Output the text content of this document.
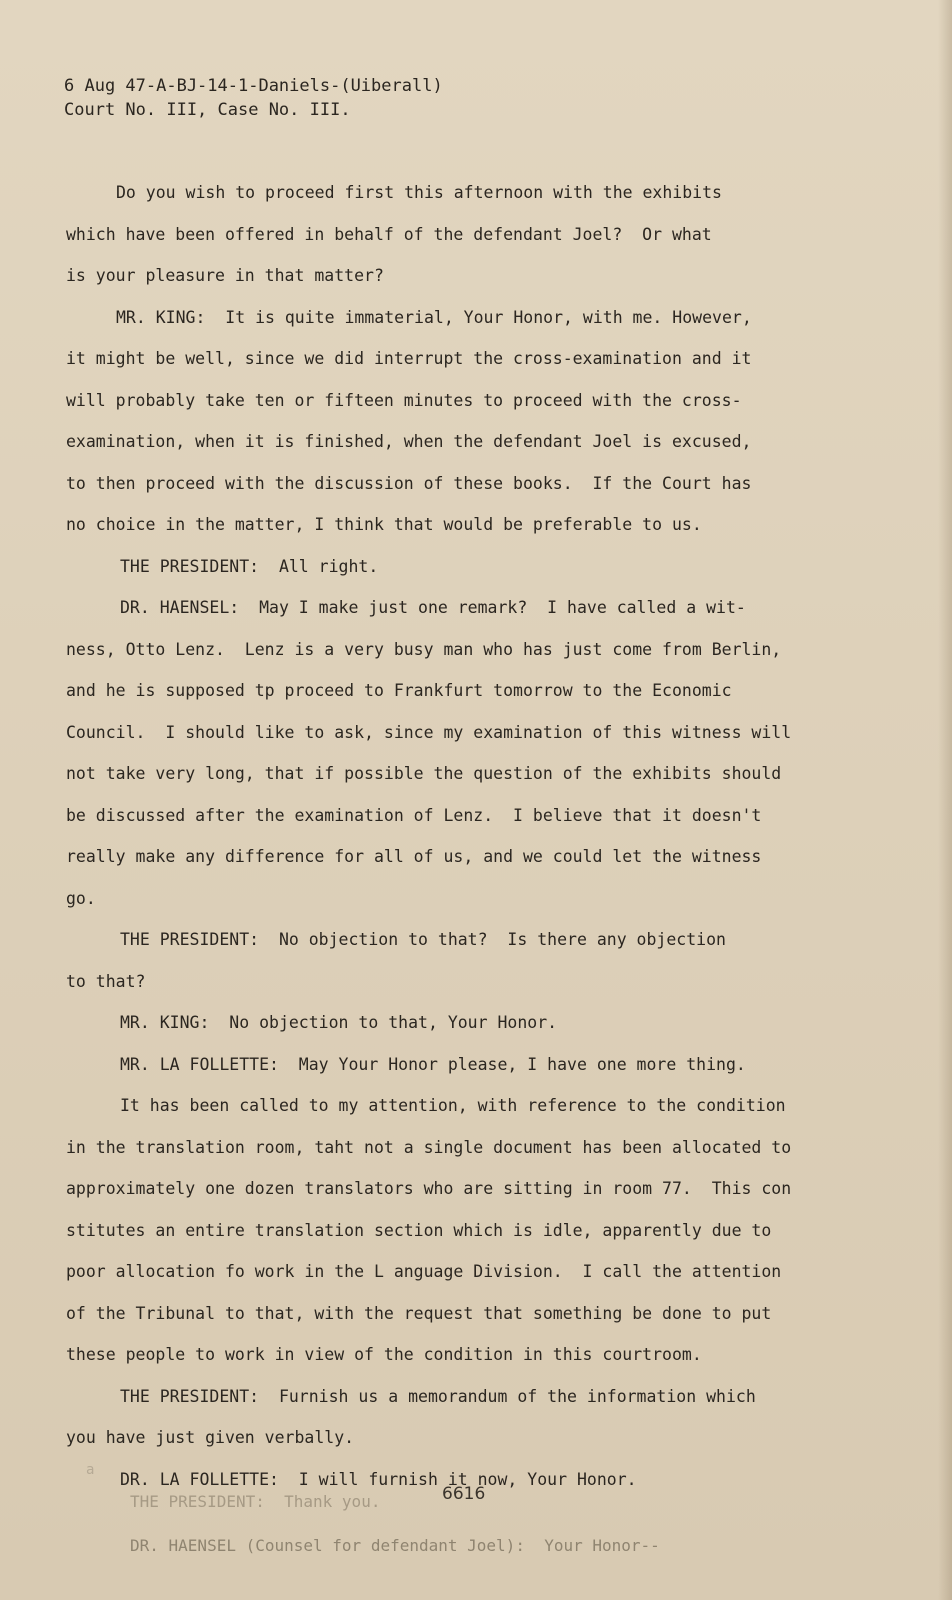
6 Aug 47-A-BJ-14-1-Daniels-(Uiberall)
Court No. III, Case No. III.
Do you wish to proceed first this afternoon with the exhibits
which have been offered in behalf of the defendant Joel?  Or what
is your pleasure in that matter?
MR. KING:  It is quite immaterial, Your Honor, with me. However,
it might be well, since we did interrupt the cross-examination and it
will probably take ten or fifteen minutes to proceed with the cross-
examination, when it is finished, when the defendant Joel is excused,
to then proceed with the discussion of these books.  If the Court has
no choice in the matter, I think that would be preferable to us.
THE PRESIDENT:  All right.
DR. HAENSEL:  May I make just one remark?  I have called a wit-
ness, Otto Lenz.  Lenz is a very busy man who has just come from Berlin,
and he is supposed tp proceed to Frankfurt tomorrow to the Economic
Council.  I should like to ask, since my examination of this witness will
not take very long, that if possible the question of the exhibits should
be discussed after the examination of Lenz.  I believe that it doesn't
really make any difference for all of us, and we could let the witness
go.
THE PRESIDENT:  No objection to that?  Is there any objection
to that?
MR. KING:  No objection to that, Your Honor.
MR. LA FOLLETTE:  May Your Honor please, I have one more thing.
It has been called to my attention, with reference to the condition
in the translation room, taht not a single document has been allocated to
approximately one dozen translators who are sitting in room 77.  This con
stitutes an entire translation section which is idle, apparently due to
poor allocation fo work in the L anguage Division.  I call the attention
of the Tribunal to that, with the request that something be done to put
these people to work in view of the condition in this courtroom.
THE PRESIDENT:  Furnish us a memorandum of the information which
you have just given verbally.
DR. LA FOLLETTE:  I will furnish it now, Your Honor.
a
6616
THE PRESIDENT:  Thank you.
DR. HAENSEL (Counsel for defendant Joel):  Your Honor--
